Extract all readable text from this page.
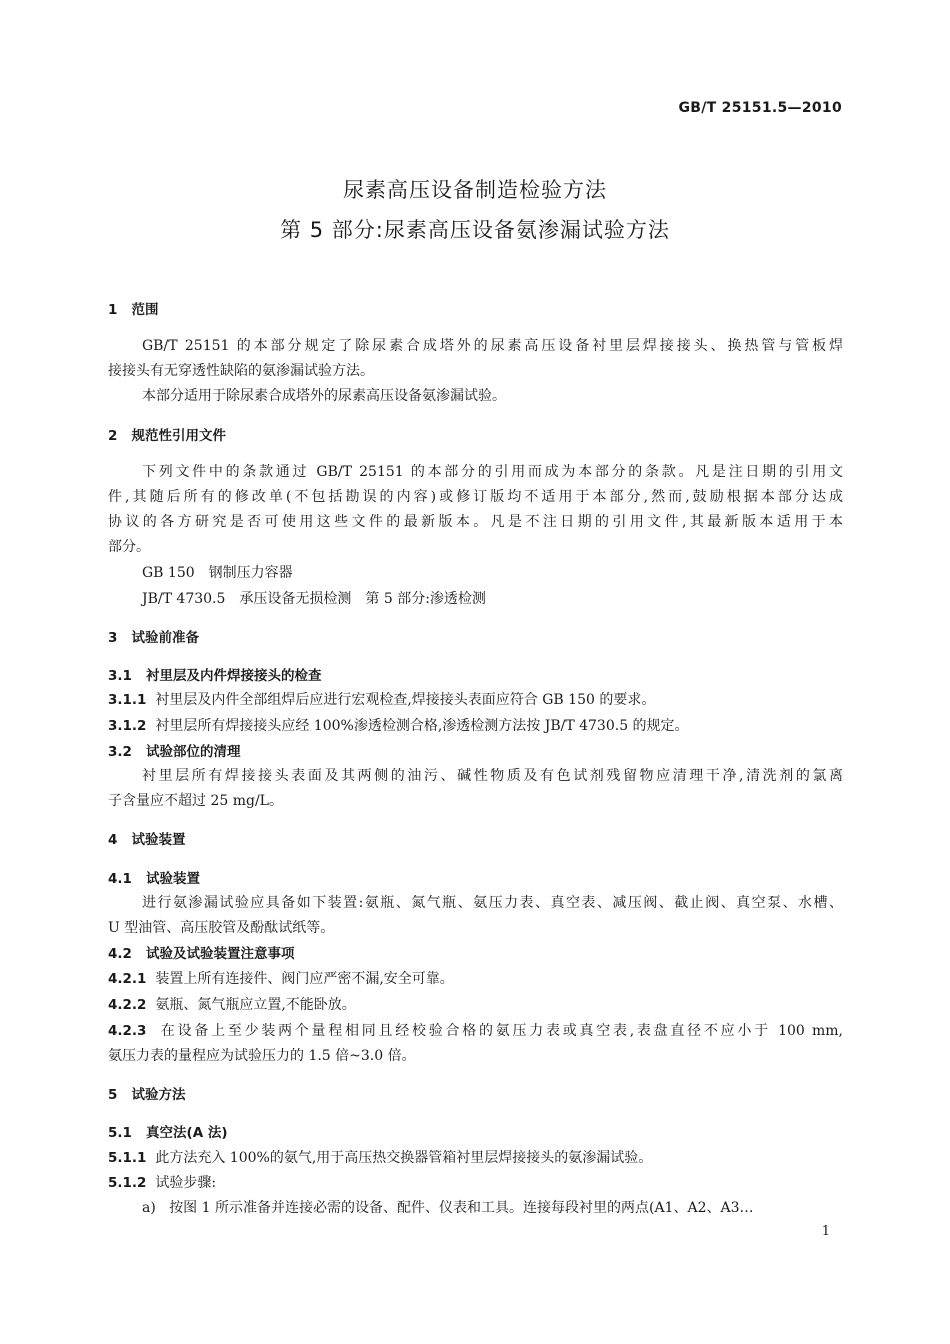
GB/T 25151.5—2010
尿素高压设备制造检验方法
第 5 部分:尿素高压设备氨渗漏试验方法
1 范围
GB/T 25151 的本部分规定了除尿素合成塔外的尿素高压设备衬里层焊接接头、换热管与管板焊
接接头有无穿透性缺陷的氨渗漏试验方法。
本部分适用于除尿素合成塔外的尿素高压设备氨渗漏试验。
2 规范性引用文件
下列文件中的条款通过 GB/T 25151 的本部分的引用而成为本部分的条款。凡是注日期的引用文
件,其随后所有的修改单(不包括勘误的内容)或修订版均不适用于本部分,然而,鼓励根据本部分达成
协议的各方研究是否可使用这些文件的最新版本。凡是不注日期的引用文件,其最新版本适用于本
部分。
GB 150　钢制压力容器
JB/T 4730.5　承压设备无损检测　第 5 部分:渗透检测
3 试验前准备
3.1 衬里层及内件焊接接头的检查
3.1.1 衬里层及内件全部组焊后应进行宏观检查,焊接接头表面应符合 GB 150 的要求。
3.1.2 衬里层所有焊接接头应经 100%渗透检测合格,渗透检测方法按 JB/T 4730.5 的规定。
3.2 试验部位的清理
衬里层所有焊接接头表面及其两侧的油污、碱性物质及有色试剂残留物应清理干净,清洗剂的氯离
子含量应不超过 25 mg/L。
4 试验装置
4.1 试验装置
进行氨渗漏试验应具备如下装置:氨瓶、氮气瓶、氨压力表、真空表、减压阀、截止阀、真空泵、水槽、
U 型油管、高压胶管及酚酞试纸等。
4.2 试验及试验装置注意事项
4.2.1 装置上所有连接件、阀门应严密不漏,安全可靠。
4.2.2 氨瓶、氮气瓶应立置,不能卧放。
4.2.3 在设备上至少装两个量程相同且经校验合格的氨压力表或真空表,表盘直径不应小于 100 mm,
氨压力表的量程应为试验压力的 1.5 倍~3.0 倍。
5 试验方法
5.1 真空法(A 法)
5.1.1 此方法充入 100%的氨气,用于高压热交换器管箱衬里层焊接接头的氨渗漏试验。
5.1.2 试验步骤:
a) 按图 1 所示准备并连接必需的设备、配件、仪表和工具。连接每段衬里的两点(A1、A2、A3…
1
